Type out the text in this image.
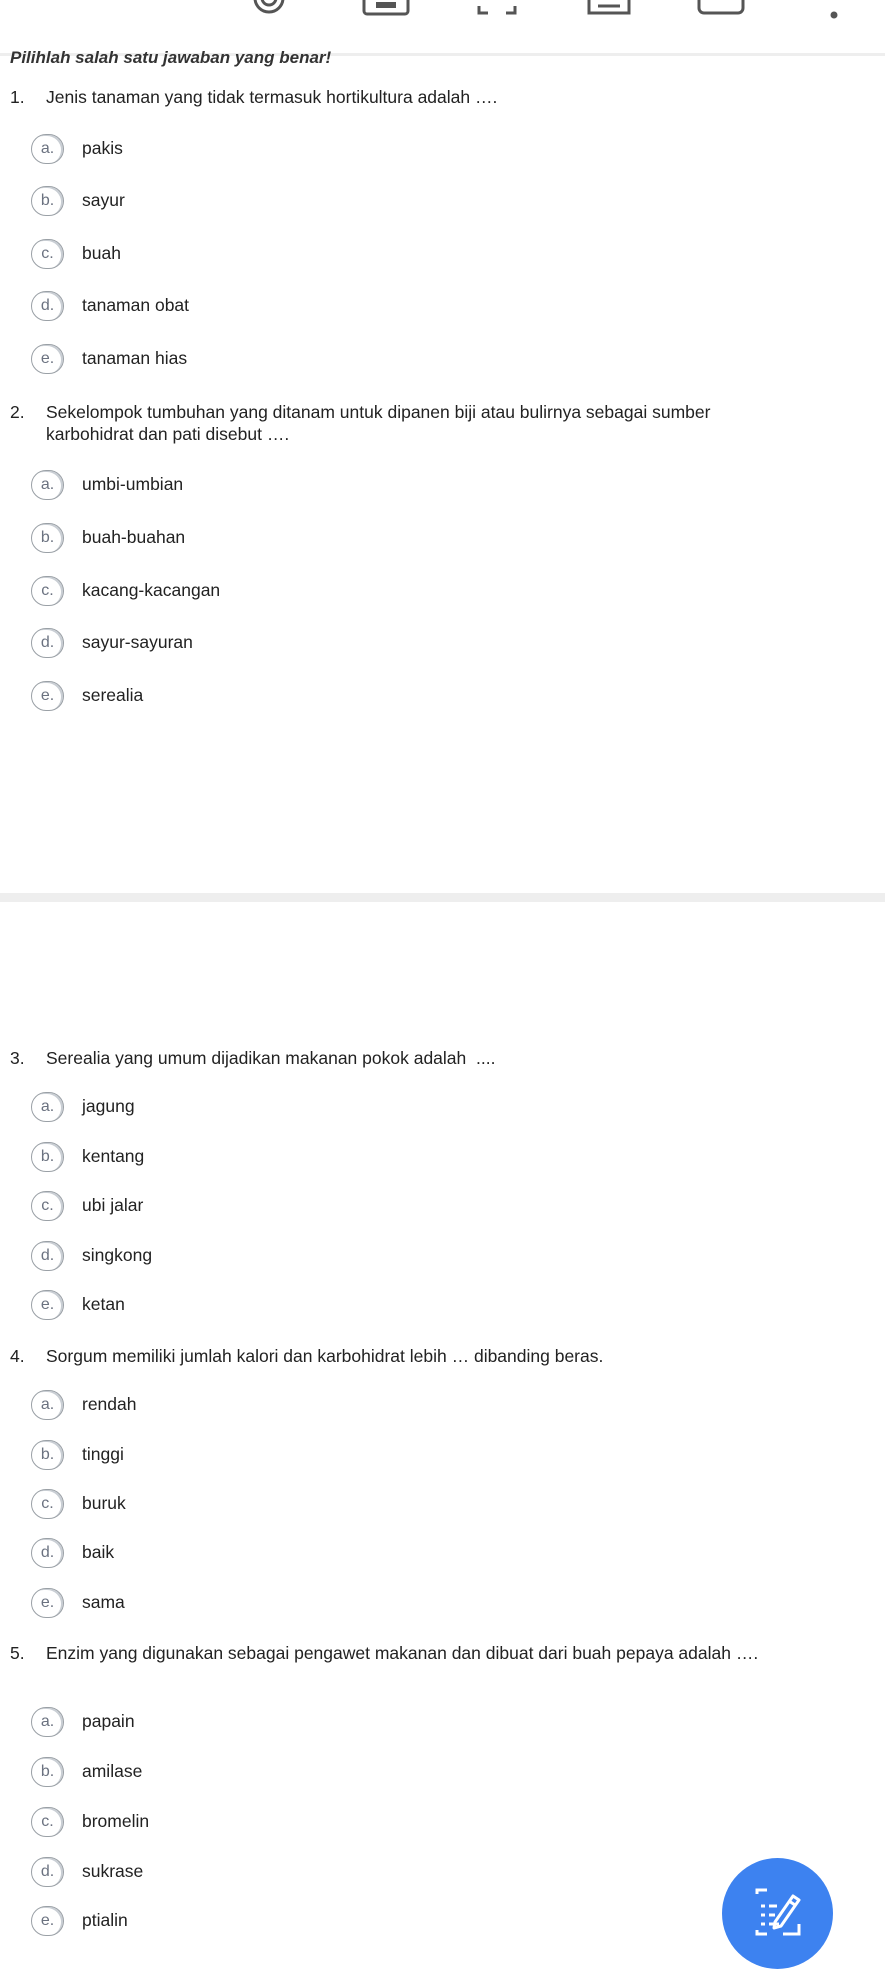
Pilihlah salah satu jawaban yang benar!

1. Jenis tanaman yang tidak termasuk hortikultura adalah ….
a.	pakis
b.	sayur
c.	buah
d.	tanaman obat
e.	tanaman hias
2. Sekelompok tumbuhan yang ditanam untuk dipanen biji atau bulirnya sebagai sumber karbohidrat dan pati disebut ….
a.	umbi-umbian
b.	buah-buahan
c.	kacang-kacangan
d.	sayur-sayuran
e.	serealia
3. Serealia yang umum dijadikan makanan pokok adalah  ....
a.	jagung
b.	kentang
c.	ubi jalar
d.	singkong
e.	ketan
4. Sorgum memiliki jumlah kalori dan karbohidrat lebih … dibanding beras.
a.	rendah
b.	tinggi
c.	buruk
d.	baik
e.	sama
5. Enzim yang digunakan sebagai pengawet makanan dan dibuat dari buah pepaya adalah ….
a.	papain
b.	amilase
c.	bromelin
d.	sukrase
e.	ptialin
